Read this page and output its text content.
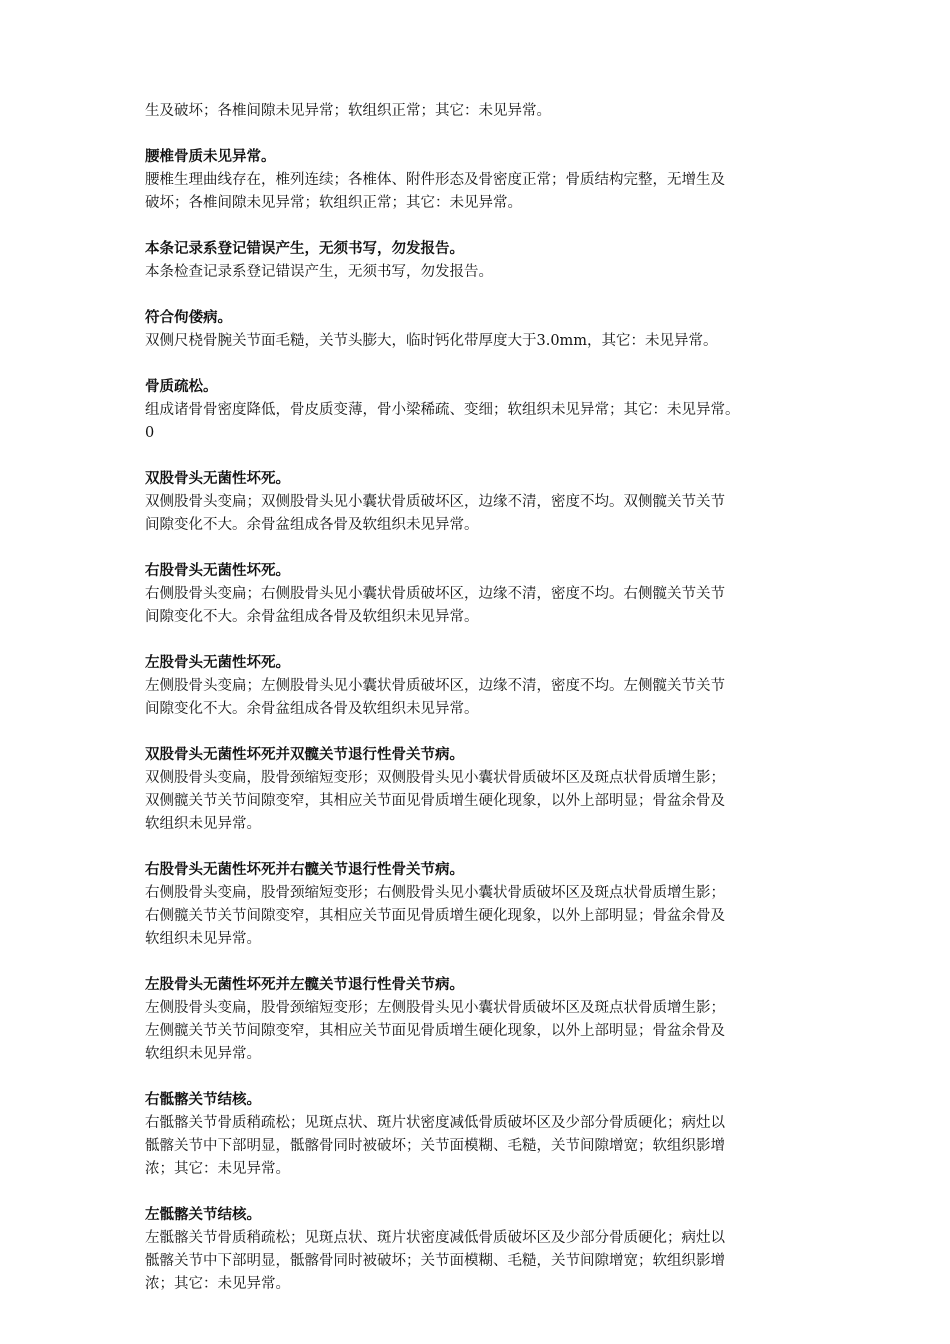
生及破坏；各椎间隙未见异常；软组织正常；其它：未见异常。

腰椎骨质未见异常。

腰椎生理曲线存在，椎列连续；各椎体、附件形态及骨密度正常；骨质结构完整，无增生及

破坏；各椎间隙未见异常；软组织正常；其它：未见异常。

本条记录系登记错误产生，无须书写，勿发报告。

本条检查记录系登记错误产生，无须书写，勿发报告。

符合佝偻病。

双侧尺桡骨腕关节面毛糙，关节头膨大，临时钙化带厚度大于3.0mm，其它：未见异常。

骨质疏松。

组成诸骨骨密度降低，骨皮质变薄，骨小梁稀疏、变细；软组织未见异常；其它：未见异常。

0

双股骨头无菌性坏死。

双侧股骨头变扁；双侧股骨头见小囊状骨质破坏区，边缘不清，密度不均。双侧髋关节关节

间隙变化不大。余骨盆组成各骨及软组织未见异常。

右股骨头无菌性坏死。

右侧股骨头变扁；右侧股骨头见小囊状骨质破坏区，边缘不清，密度不均。右侧髋关节关节

间隙变化不大。余骨盆组成各骨及软组织未见异常。

左股骨头无菌性坏死。

左侧股骨头变扁；左侧股骨头见小囊状骨质破坏区，边缘不清，密度不均。左侧髋关节关节

间隙变化不大。余骨盆组成各骨及软组织未见异常。

双股骨头无菌性坏死并双髋关节退行性骨关节病。

双侧股骨头变扁，股骨颈缩短变形；双侧股骨头见小囊状骨质破坏区及斑点状骨质增生影；

双侧髋关节关节间隙变窄，其相应关节面见骨质增生硬化现象，以外上部明显；骨盆余骨及

软组织未见异常。

右股骨头无菌性坏死并右髋关节退行性骨关节病。

右侧股骨头变扁，股骨颈缩短变形；右侧股骨头见小囊状骨质破坏区及斑点状骨质增生影；

右侧髋关节关节间隙变窄，其相应关节面见骨质增生硬化现象，以外上部明显；骨盆余骨及

软组织未见异常。

左股骨头无菌性坏死并左髋关节退行性骨关节病。

左侧股骨头变扁，股骨颈缩短变形；左侧股骨头见小囊状骨质破坏区及斑点状骨质增生影；

左侧髋关节关节间隙变窄，其相应关节面见骨质增生硬化现象，以外上部明显；骨盆余骨及

软组织未见异常。

右骶髂关节结核。

右骶髂关节骨质稍疏松；见斑点状、斑片状密度减低骨质破坏区及少部分骨质硬化；病灶以

骶髂关节中下部明显，骶髂骨同时被破坏；关节面模糊、毛糙，关节间隙增宽；软组织影增

浓；其它：未见异常。

左骶髂关节结核。

左骶髂关节骨质稍疏松；见斑点状、斑片状密度减低骨质破坏区及少部分骨质硬化；病灶以

骶髂关节中下部明显，骶髂骨同时被破坏；关节面模糊、毛糙，关节间隙增宽；软组织影增

浓；其它：未见异常。
